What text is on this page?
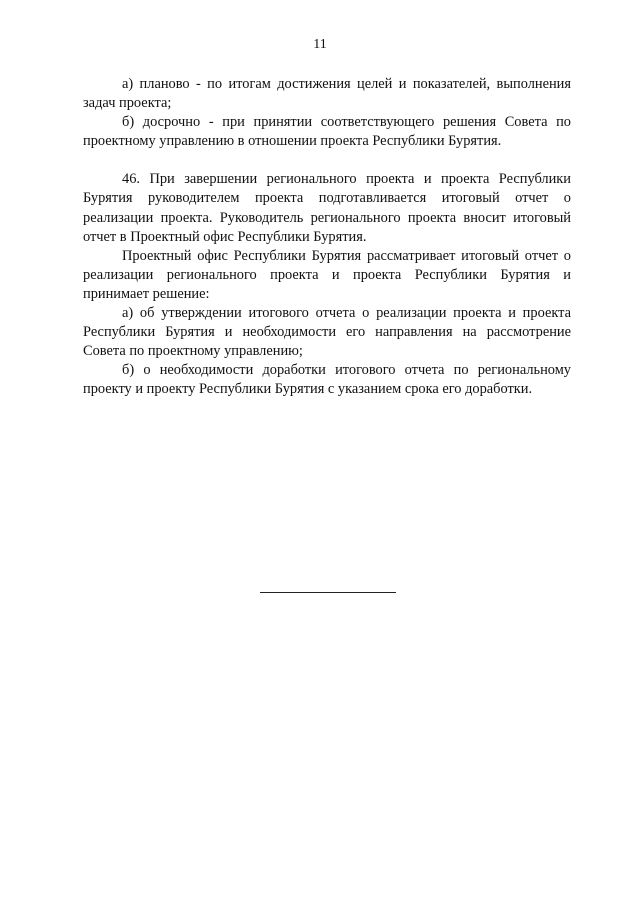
11

а) планово - по итогам достижения целей и показателей, выполнения задач проекта;

б) досрочно - при принятии соответствующего решения Совета по проектному управлению в отношении проекта Республики Бурятия.

46. При завершении регионального проекта и проекта Республики Бурятия руководителем проекта подготавливается итоговый отчет о реализации проекта. Руководитель регионального проекта вносит итоговый отчет в Проектный офис Республики Бурятия.

Проектный офис Республики Бурятия рассматривает итоговый отчет о реализации регионального проекта и проекта Республики Бурятия и принимает решение:

а) об утверждении итогового отчета о реализации проекта и проекта Республики Бурятия и необходимости его направления на рассмотрение Совета по проектному управлению;

б) о необходимости доработки итогового отчета по региональному проекту и проекту Республики Бурятия с указанием срока его доработки.
